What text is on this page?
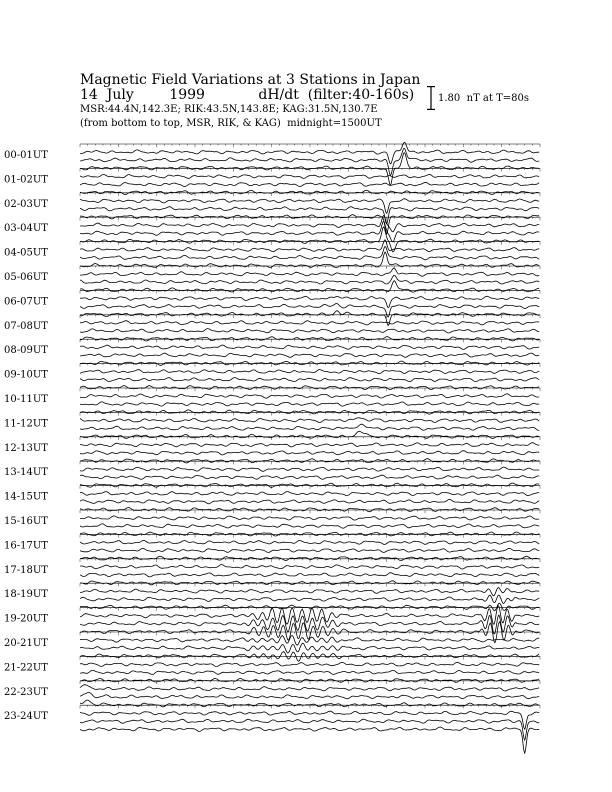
Magnetic Field Variations at 3 Stations in Japan
14  July        1999            dH/dt  (filter:40-160s)
MSR:44.4N,142.3E; RIK:43.5N,143.8E; KAG:31.5N,130.7E
(from bottom to top, MSR, RIK, & KAG)  midnight=1500UT
1.80  nT at T=80s
00-01UT
01-02UT
02-03UT
03-04UT
04-05UT
05-06UT
06-07UT
07-08UT
08-09UT
09-10UT
10-11UT
11-12UT
12-13UT
13-14UT
14-15UT
15-16UT
16-17UT
17-18UT
18-19UT
19-20UT
20-21UT
21-22UT
22-23UT
23-24UT
